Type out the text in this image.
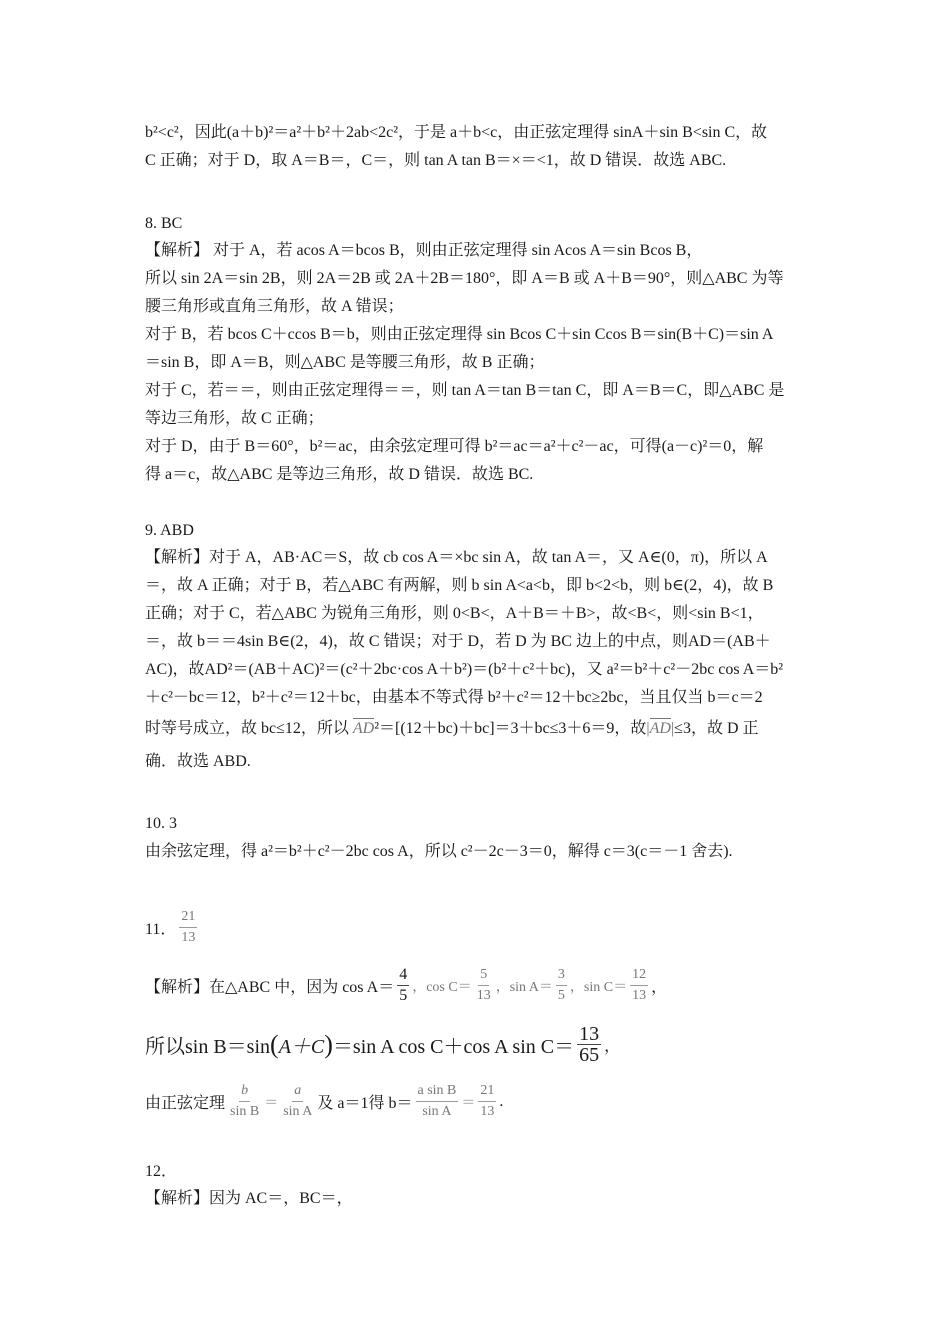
b²<c²，因此(a＋b)²＝a²＋b²＋2ab<2c²，于是 a＋b<c，由正弦定理得 sinA＋sin B<sin C，故
C 正确；对于 D，取 A＝B＝，C＝，则 tan A tan B＝×＝<1，故 D 错误．故选 ABC.
8. BC
【解析】 对于 A，若 acos A＝bcos B，则由正弦定理得 sin Acos A＝sin Bcos B，
所以 sin 2A＝sin 2B，则 2A＝2B 或 2A＋2B＝180°，即 A＝B 或 A＋B＝90°，则△ABC 为等
腰三角形或直角三角形，故 A 错误；
对于 B，若 bcos C＋ccos B＝b，则由正弦定理得 sin Bcos C＋sin Ccos B＝sin(B＋C)＝sin A
＝sin B，即 A＝B，则△ABC 是等腰三角形，故 B 正确；
对于 C，若＝＝，则由正弦定理得＝＝，则 tan A＝tan B＝tan C，即 A＝B＝C，即△ABC 是
等边三角形，故 C 正确；
对于 D，由于 B＝60°，b²＝ac，由余弦定理可得 b²＝ac＝a²＋c²－ac，可得(a－c)²＝0，解
得 a＝c，故△ABC 是等边三角形，故 D 错误．故选 BC.
9. ABD
【解析】对于 A，AB·AC＝S，故 cb cos A＝×bc sin A，故 tan A＝，又 A∈(0，π)，所以 A
＝，故 A 正确；对于 B，若△ABC 有两解，则 b sin A<a<b，即 b<2<b，则 b∈(2，4)，故 B
正确；对于 C，若△ABC 为锐角三角形，则 0<B<，A＋B＝＋B>，故<B<，则<sin B<1，
＝，故 b＝＝4sin B∈(2，4)，故 C 错误；对于 D，若 D 为 BC 边上的中点，则AD＝(AB＋
AC)，故AD²＝(AB＋AC)²＝(c²＋2bc·cos A＋b²)＝(b²＋c²＋bc)，又 a²＝b²＋c²－2bc cos A＝b²
＋c²－bc＝12，b²＋c²＝12＋bc，由基本不等式得 b²＋c²＝12＋bc≥2bc，当且仅当 b＝c＝2
时等号成立，故 bc≤12，所以 AD²＝[(12＋bc)＋bc]＝3＋bc≤3＋6＝9，故|AD|≤3，故 D 正
确．故选 ABD.
10. 3
由余弦定理，得 a²＝b²＋c²－2bc cos A，所以 c²－2c－3＝0，解得 c＝3(c＝－1 舍去).
11． $\frac{21}{13}$
【解析】在△ABC 中，因为 $\cos A= \frac{4}{5}$ ，$\cos C= \frac{5}{13}$ ，$\sin A= \frac{3}{5}$ ，$\sin C= \frac{12}{13}$ ，
所以sin B＝sin ( A＋C ) ＝sin A cos C＋cos A $\sin C= \frac{13}{65}$ ，
由正弦定理 $\frac{b}{\text{sin B}} = \frac{a}{\text{sin A}}$ 及 a＝1得 $b= \frac{\text{a sin B}}{\text{sin A}} = \frac{21}{13}$ .
12．
【解析】因为 AC＝，BC＝，
